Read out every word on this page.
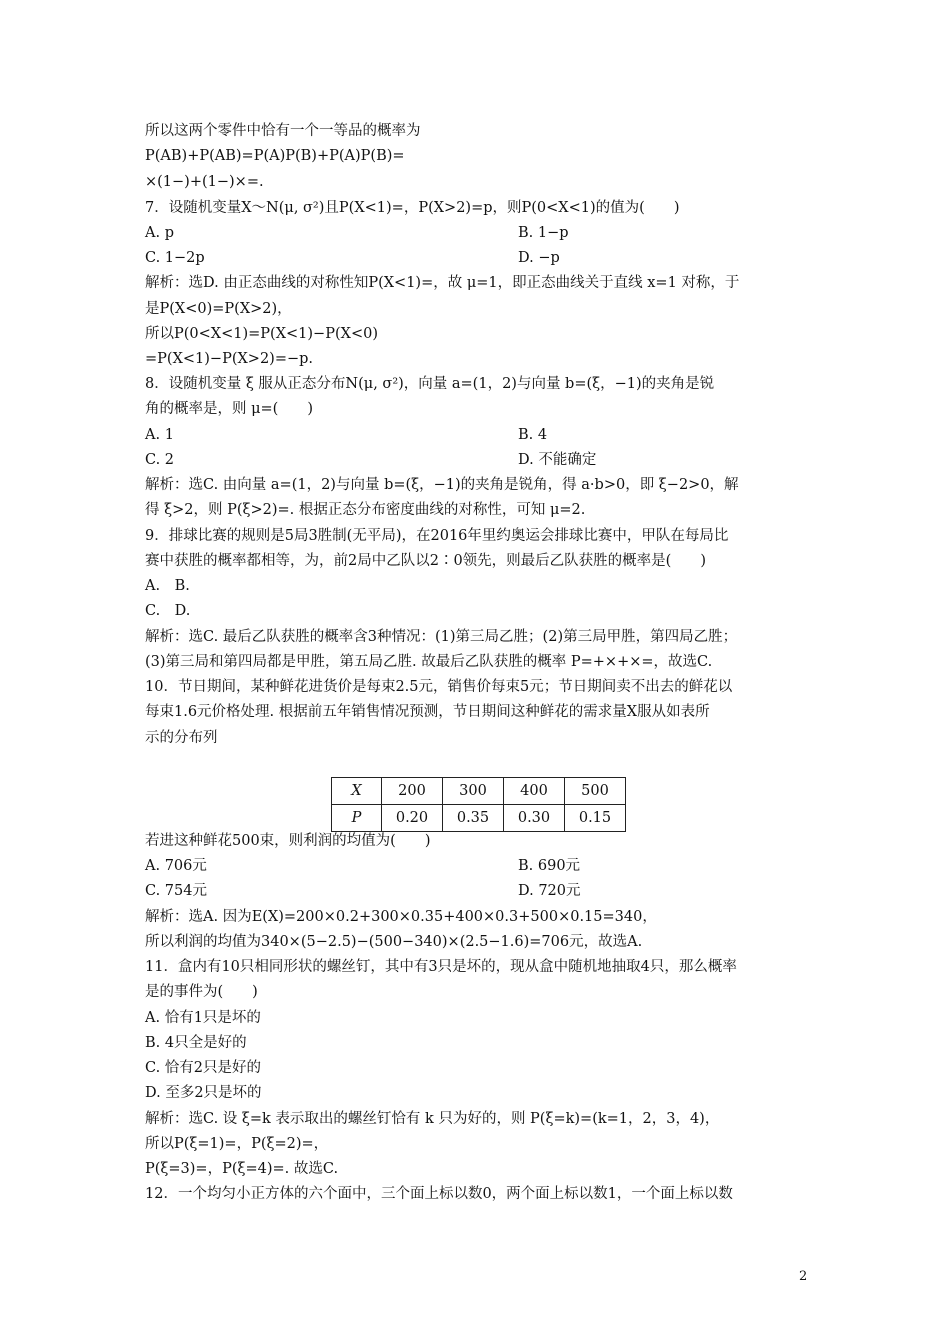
所以这两个零件中恰有一个一等品的概率为
P(AB)+P(AB)=P(A)P(B)+P(A)P(B)=
×(1−)+(1−)×=.
7．设随机变量X～N(μ, σ²)且P(X<1)=，P(X>2)=p，则P(0<X<1)的值为(　　)
A. p	B. 1−p
C. 1−2p	D. −p
解析：选D. 由正态曲线的对称性知P(X<1)=，故 μ=1，即正态曲线关于直线 x=1 对称，于
是P(X<0)=P(X>2)，
所以P(0<X<1)=P(X<1)−P(X<0)
=P(X<1)−P(X>2)=−p.
8．设随机变量 ξ 服从正态分布N(μ, σ²)，向量 a=(1，2)与向量 b=(ξ，−1)的夹角是锐
角的概率是，则 μ=(　　)
A. 1	B. 4
C. 2	D. 不能确定
解析：选C. 由向量 a=(1，2)与向量 b=(ξ，−1)的夹角是锐角，得 a·b>0，即 ξ−2>0，解
得 ξ>2，则 P(ξ>2)=. 根据正态分布密度曲线的对称性，可知 μ=2.
9．排球比赛的规则是5局3胜制(无平局)，在2016年里约奥运会排球比赛中，甲队在每局比
赛中获胜的概率都相等，为，前2局中乙队以2∶0领先，则最后乙队获胜的概率是(　　)
A.　B.
C.　D.
解析：选C. 最后乙队获胜的概率含3种情况：(1)第三局乙胜；(2)第三局甲胜，第四局乙胜；
(3)第三局和第四局都是甲胜，第五局乙胜. 故最后乙队获胜的概率 P=+×+×=，故选C.
10．节日期间，某种鲜花进货价是每束2.5元，销售价每束5元；节日期间卖不出去的鲜花以
每束1.6元价格处理. 根据前五年销售情况预测，节日期间这种鲜花的需求量X服从如表所
示的分布列
X	200	300	400	500
P	0.20	0.35	0.30	0.15
若进这种鲜花500束，则利润的均值为(　　)
A. 706元	B. 690元
C. 754元	D. 720元
解析：选A. 因为E(X)=200×0.2+300×0.35+400×0.3+500×0.15=340，
所以利润的均值为340×(5−2.5)−(500−340)×(2.5−1.6)=706元，故选A.
11．盒内有10只相同形状的螺丝钉，其中有3只是坏的，现从盒中随机地抽取4只，那么概率
是的事件为(　　)
A. 恰有1只是坏的
B. 4只全是好的
C. 恰有2只是好的
D. 至多2只是坏的
解析：选C. 设 ξ=k 表示取出的螺丝钉恰有 k 只为好的，则 P(ξ=k)=(k=1，2，3，4)，
所以P(ξ=1)=，P(ξ=2)=，
P(ξ=3)=，P(ξ=4)=. 故选C.
12．一个均匀小正方体的六个面中，三个面上标以数0，两个面上标以数1，一个面上标以数
2
